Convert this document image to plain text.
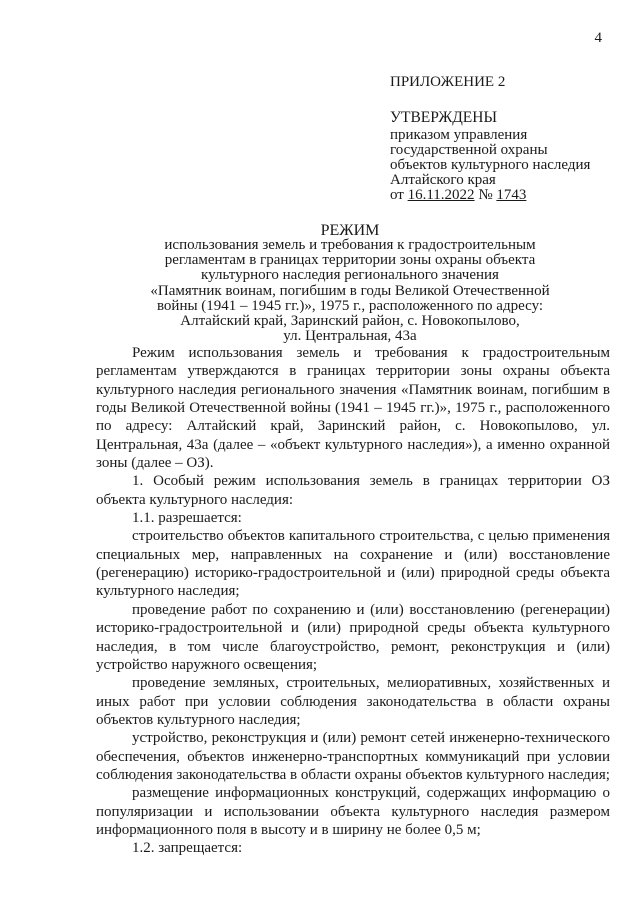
4
ПРИЛОЖЕНИЕ 2
УТВЕРЖДЕНЫ
приказом управления
государственной охраны
объектов культурного наследия
Алтайского края
от 16.11.2022 № 1743
РЕЖИМ
использования земель и требования к градостроительным
регламентам в границах территории зоны охраны объекта
культурного наследия регионального значения
«Памятник воинам, погибшим в годы Великой Отечественной
войны (1941 – 1945 гг.)», 1975 г., расположенного по адресу:
Алтайский край, Заринский район, с. Новокопылово,
ул. Центральная, 43а

Режим использования земель и требования к градостроительным регламентам утверждаются в границах территории зоны охраны объекта культурного наследия регионального значения «Памятник воинам, погибшим в годы Великой Отечественной войны (1941 – 1945 гг.)», 1975 г., расположенного по адресу: Алтайский край, Заринский район, с. Новокопылово, ул. Центральная, 43а (далее – «объект культурного наследия»), а именно охранной зоны (далее – ОЗ).

1. Особый режим использования земель в границах территории ОЗ объекта культурного наследия:

1.1. разрешается:

строительство объектов капитального строительства, с целью применения специальных мер, направленных на сохранение и (или) восстановление (регенерацию) историко-градостроительной и (или) природной среды объекта культурного наследия;

проведение работ по сохранению и (или) восстановлению (регенерации) историко-градостроительной и (или) природной среды объекта культурного наследия, в том числе благоустройство, ремонт, реконструкция и (или) устройство наружного освещения;

проведение земляных, строительных, мелиоративных, хозяйственных и иных работ при условии соблюдения законодательства в области охраны объектов культурного наследия;

устройство, реконструкция и (или) ремонт сетей инженерно-технического обеспечения, объектов инженерно-транспортных коммуникаций при условии соблюдения законодательства в области охраны объектов культурного наследия;

размещение информационных конструкций, содержащих информацию о популяризации и использовании объекта культурного наследия размером информационного поля в высоту и в ширину не более 0,5 м;

1.2. запрещается:
